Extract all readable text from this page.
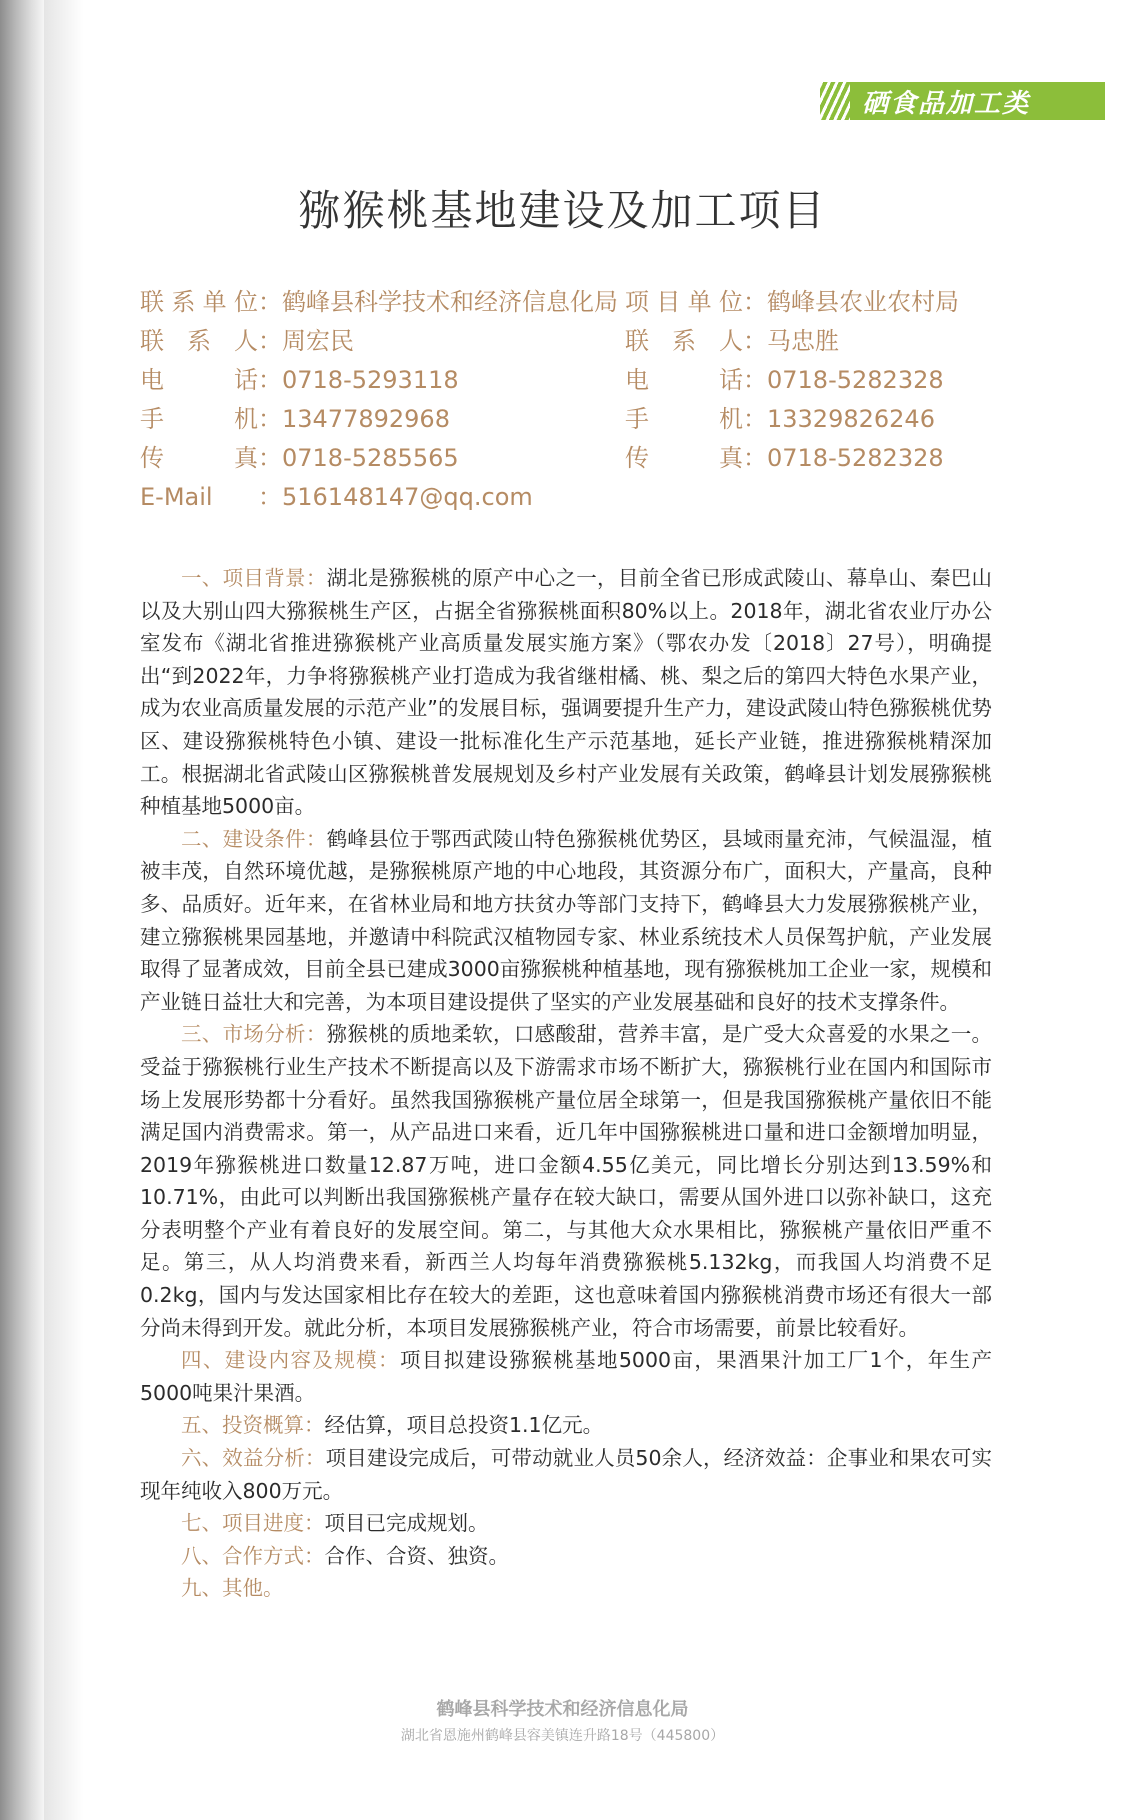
硒食品加工类
猕猴桃基地建设及加工项目
联系单位：鹤峰县科学技术和经济信息化局 项目单位：鹤峰县农业农村局
联 系 人：周宏民	联 系 人：马忠胜
电　　话：0718-5293118	电　　话：0718-5282328
手　　机：13477892968	手　　机：13329826246
传　　真：0718-5285565	传　　真：0718-5282328
E-Mail ：516148147@qq.com

一、项目背景：湖北是猕猴桃的原产中心之一，目前全省已形成武陵山、幕阜山、秦巴山以及大别山四大猕猴桃生产区，占据全省猕猴桃面积80%以上。2018年，湖北省农业厅办公室发布《湖北省推进猕猴桃产业高质量发展实施方案》（鄂农办发〔2018〕27号），明确提出“到2022年，力争将猕猴桃产业打造成为我省继柑橘、桃、梨之后的第四大特色水果产业，成为农业高质量发展的示范产业”的发展目标，强调要提升生产力，建设武陵山特色猕猴桃优势区、建设猕猴桃特色小镇、建设一批标准化生产示范基地，延长产业链，推进猕猴桃精深加工。根据湖北省武陵山区猕猴桃普发展规划及乡村产业发展有关政策，鹤峰县计划发展猕猴桃种植基地5000亩。

二、建设条件：鹤峰县位于鄂西武陵山特色猕猴桃优势区，县域雨量充沛，气候温湿，植被丰茂，自然环境优越，是猕猴桃原产地的中心地段，其资源分布广，面积大，产量高，良种多、品质好。近年来，在省林业局和地方扶贫办等部门支持下，鹤峰县大力发展猕猴桃产业，建立猕猴桃果园基地，并邀请中科院武汉植物园专家、林业系统技术人员保驾护航，产业发展取得了显著成效，目前全县已建成3000亩猕猴桃种植基地，现有猕猴桃加工企业一家，规模和产业链日益壮大和完善，为本项目建设提供了坚实的产业发展基础和良好的技术支撑条件。

三、市场分析：猕猴桃的质地柔软，口感酸甜，营养丰富，是广受大众喜爱的水果之一。受益于猕猴桃行业生产技术不断提高以及下游需求市场不断扩大，猕猴桃行业在国内和国际市场上发展形势都十分看好。虽然我国猕猴桃产量位居全球第一，但是我国猕猴桃产量依旧不能满足国内消费需求。第一，从产品进口来看，近几年中国猕猴桃进口量和进口金额增加明显，2019年猕猴桃进口数量12.87万吨，进口金额4.55亿美元，同比增长分别达到13.59%和10.71%，由此可以判断出我国猕猴桃产量存在较大缺口，需要从国外进口以弥补缺口，这充分表明整个产业有着良好的发展空间。第二，与其他大众水果相比，猕猴桃产量依旧严重不足。第三，从人均消费来看，新西兰人均每年消费猕猴桃5.132kg，而我国人均消费不足0.2kg，国内与发达国家相比存在较大的差距，这也意味着国内猕猴桃消费市场还有很大一部分尚未得到开发。就此分析，本项目发展猕猴桃产业，符合市场需要，前景比较看好。

四、建设内容及规模：项目拟建设猕猴桃基地5000亩，果酒果汁加工厂1个，年生产5000吨果汁果酒。

五、投资概算：经估算，项目总投资1.1亿元。

六、效益分析：项目建设完成后，可带动就业人员50余人，经济效益：企事业和果农可实现年纯收入800万元。

七、项目进度：项目已完成规划。

八、合作方式：合作、合资、独资。

九、其他。

鹤峰县科学技术和经济信息化局
湖北省恩施州鹤峰县容美镇连升路18号（445800）
